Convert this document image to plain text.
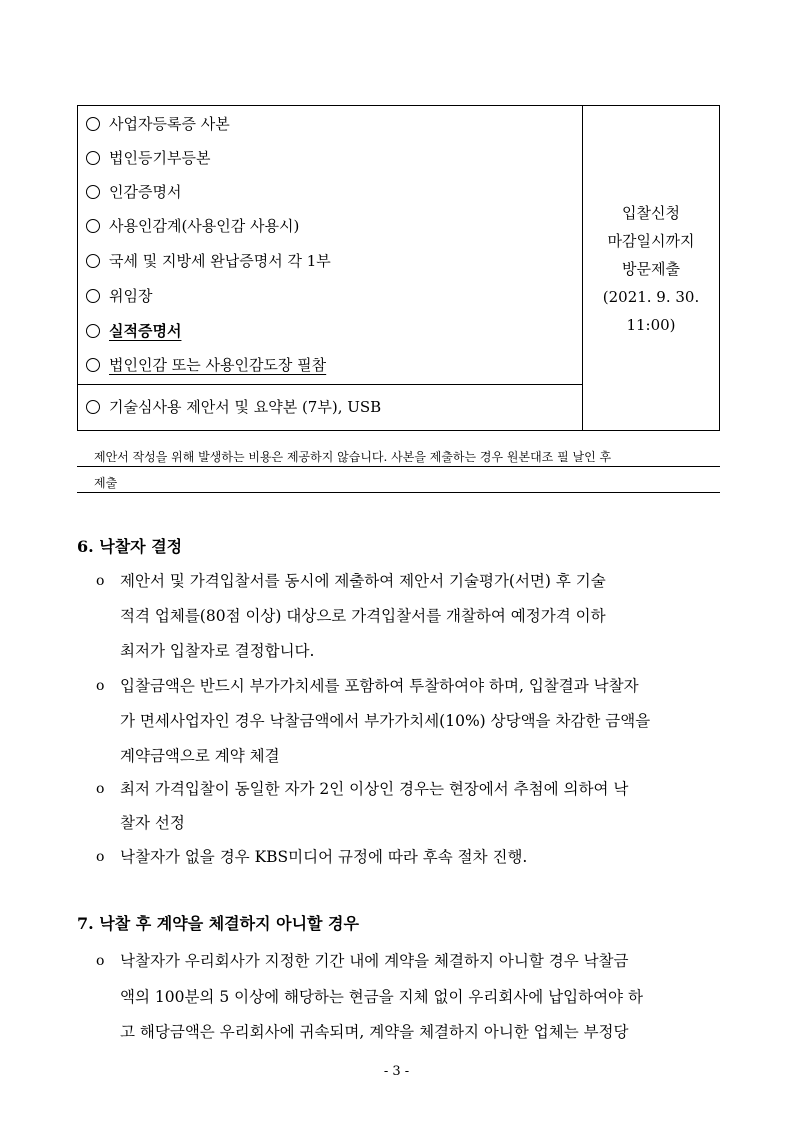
사업자등록증 사본
법인등기부등본
인감증명서
사용인감계(사용인감 사용시)
국세 및 지방세 완납증명서 각 1부
위임장
실적증명서
법인인감 또는 사용인감도장 필참
기술심사용 제안서 및 요약본 (7부), USB
입찰신청
마감일시까지
방문제출
(2021. 9. 30.
11:00)
제안서 작성을 위해 발생하는 비용은 제공하지 않습니다. 사본을 제출하는 경우 원본대조 필 날인 후
제출
6. 낙찰자 결정
o 제안서 및 가격입찰서를 동시에 제출하여 제안서 기술평가(서면) 후 기술
적격 업체를(80점 이상) 대상으로 가격입찰서를 개찰하여 예정가격 이하
최저가 입찰자로 결정합니다.
o 입찰금액은 반드시 부가가치세를 포함하여 투찰하여야 하며, 입찰결과 낙찰자
가 면세사업자인 경우 낙찰금액에서 부가가치세(10%) 상당액을 차감한 금액을
계약금액으로 계약 체결
o 최저 가격입찰이 동일한 자가 2인 이상인 경우는 현장에서 추첨에 의하여 낙
찰자 선정
o 낙찰자가 없을 경우 KBS미디어 규정에 따라 후속 절차 진행.
7. 낙찰 후 계약을 체결하지 아니할 경우
o 낙찰자가 우리회사가 지정한 기간 내에 계약을 체결하지 아니할 경우 낙찰금
액의 100분의 5 이상에 해당하는 현금을 지체 없이 우리회사에 납입하여야 하
고 해당금액은 우리회사에 귀속되며, 계약을 체결하지 아니한 업체는 부정당
- 3 -
